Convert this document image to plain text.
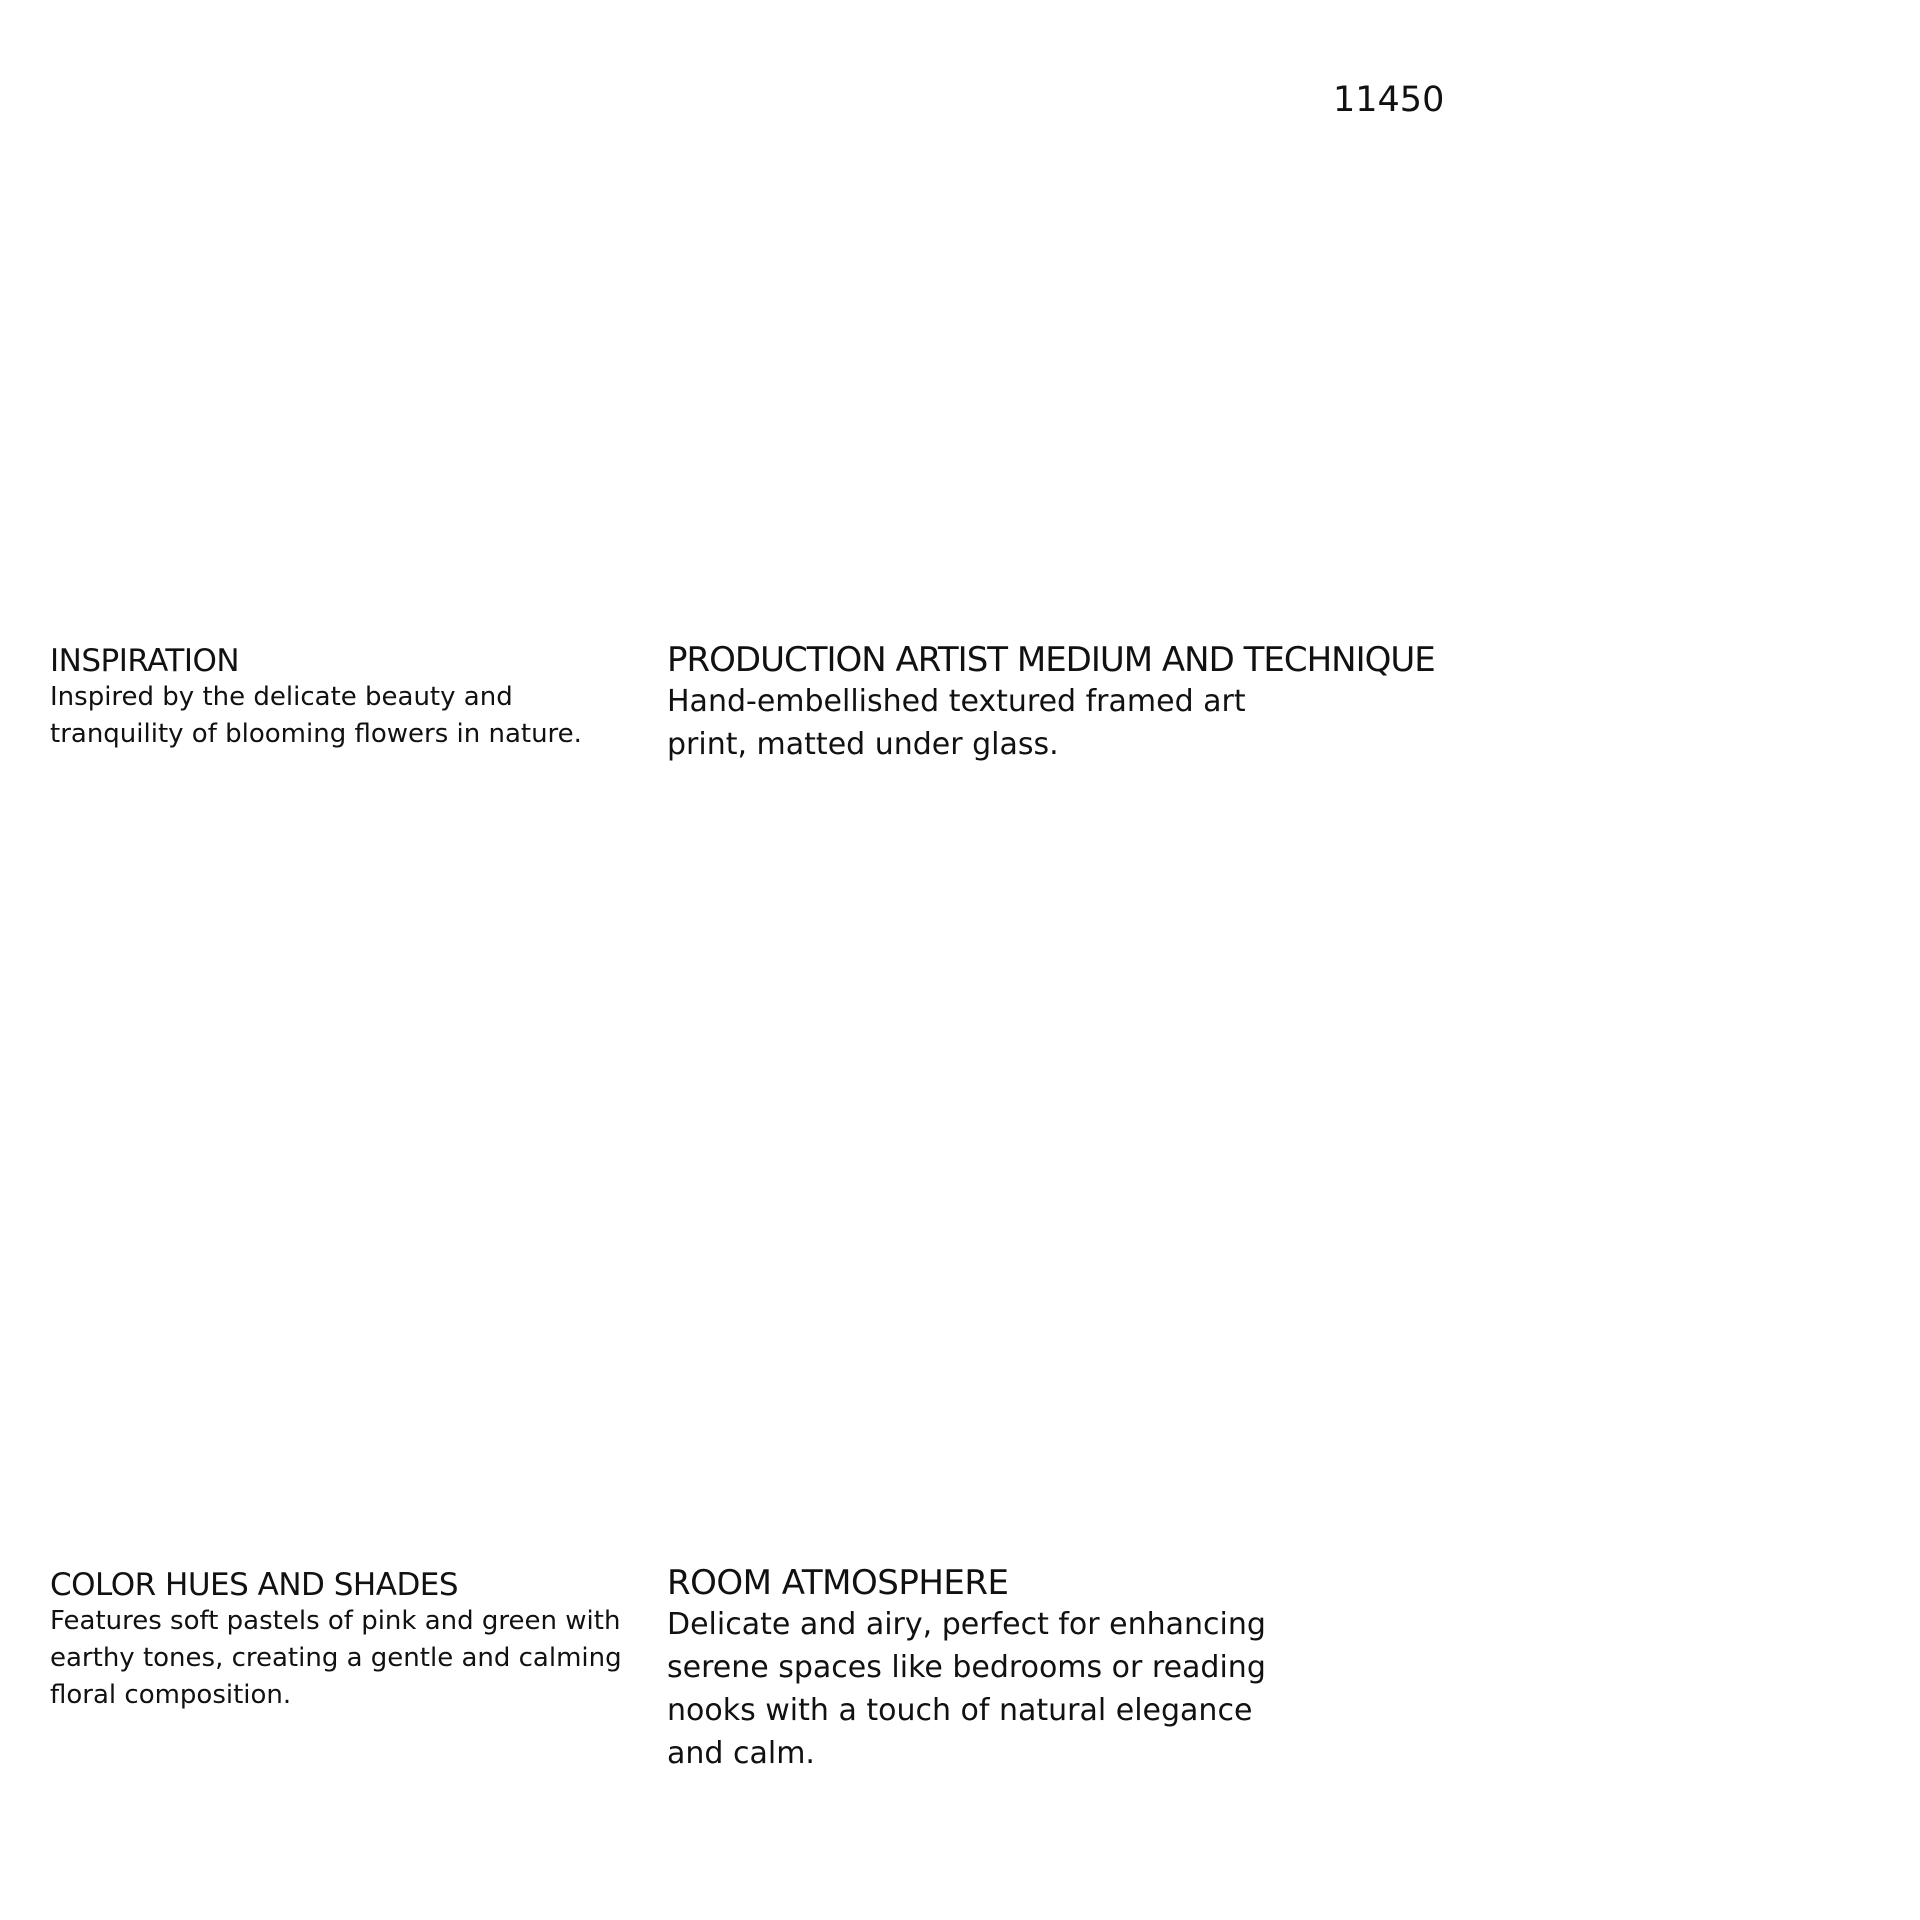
11450
INSPIRATION

Inspired by the delicate beauty and tranquility of blooming flowers in nature.

PRODUCTION ARTIST MEDIUM AND TECHNIQUE

Hand-embellished textured framed art print, matted under glass.

COLOR HUES AND SHADES

Features soft pastels of pink and green with earthy tones, creating a gentle and calming floral composition.

ROOM ATMOSPHERE

Delicate and airy, perfect for enhancing serene spaces like bedrooms or reading nooks with a touch of natural elegance and calm.
